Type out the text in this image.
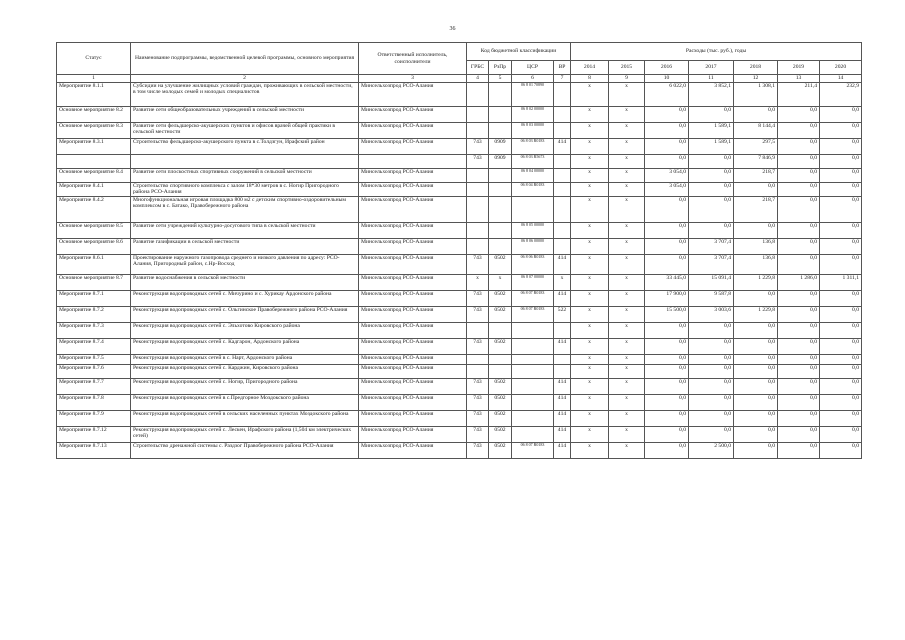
36
Статус	Наименование подпрограммы, ведомственной целевой программы, основного мероприятия	Ответственный исполнитель, соисполнители	Код бюджетной классификации				Расходы (тыс. руб.), годы						
			ГРБС	РзПр	ЦСР	ВР	2014	2015	2016	2017	2018	2019	2020
1	2	3	4	5	6	7	8	9	10	11	12	13	14
Мероприятие 8.1.1	Субсидии на улучшение жилищных условий граждан, проживающих в сельской местности, в том числе молодых семей и молодых специалистов	Минсельхозпрод РСО-Алания			06 8 01 70890		х	х	6 022,0	3 852,1	1 308,1	211,4	232,9
Основное мероприятие 8.2	Развитие сети общеобразовательных учреждений в сельской местности	Минсельхозпрод РСО-Алания			06 8 02 00000		х	х	0,0	0,0	0,0	0,0	0,0
Основное мероприятие 8.3	Развитие сети фельдшерско-акушерских пунктов и офисов врачей общей практики в сельской местности	Минсельхозпрод РСО-Алания			06 8 03 00000		х	х	0,0	1 589,1	8 144,4	0,0	0,0
Мероприятие 8.3.1	Строительство фельдшерско-акушерского пункта в с.Толдзгун, Ирафский район	Минсельхозпрод РСО-Алания	743	0909	06 8 03 R0183	414	х	х	0,0	1 589,1	297,5	0,0	0,0
			743	0909	06 8 03 R5673		х	х	0,0	0,0	7 846,9	0,0	0,0
Основное мероприятие 8.4	Развитие сети плоскостных спортивных сооружений в сельской местности	Минсельхозпрод РСО-Алания			06 8 04 00000		х	х	3 054,0	0,0	218,7	0,0	0,0
Мероприятие 8.4.1	Строительство спортивного комплекса с залом 18*30 метров в с. Ногир Пригородного района РСО-Алания	Минсельхозпрод РСО-Алания			06 8 04 R0183		х	х	3 054,0	0,0	0,0	0,0	0,0
Мероприятие 8.4.2	Многофункциональная игровая площадка 800 м2 с детским спортивно-оздоровительным комплексом в с. Батако, Правобережного района	Минсельхозпрод РСО-Алания					х	х	0,0	0,0	218,7	0,0	0,0
Основное мероприятие 8.5	Развитие сети учреждений культурно-досугового типа в сельской местности	Минсельхозпрод РСО-Алания			06 8 05 00000		х	х	0,0	0,0	0,0	0,0	0,0
Основное мероприятие 8.6	Развитие газификации в сельской местности	Минсельхозпрод РСО-Алания			06 8 06 00000		х	х	0,0	3 707,4	136,8	0,0	0,0
Мероприятие 8.6.1	Проектирование наружного газопровода среднего и низкого давления по адресу: РСО-Алания, Пригородный район, с.Нр-Восход	Минсельхозпрод РСО-Алания	743	0502	06 8 06 R0183	414	х	х	0,0	3 707,4	136,8	0,0	0,0
Основное мероприятие 8.7	Развитие водоснабжения в сельской местности	Минсельхозпрод РСО-Алания	х	х	06 8 07 00000	х	х	х	33 445,0	15 091,4	1 229,8	1 286,0	1 311,1
Мероприятие 8.7.1	Реконструкция водопроводных сетей с. Мичурино и с. Хурикау Ардонского района	Минсельхозпрод РСО-Алания	743	0502	06 8 07 R0183	414	х	х	17 900,0	9 587,8	0,0	0,0	0,0
Мероприятие 8.7.2	Реконструкция водопроводных сетей с. Ольгинское Правобережного района РСО-Алания	Минсельхозпрод РСО-Алания	743	0502	06 8 07 R0183	522	х	х	15 500,0	3 003,6	1 229,8	0,0	0,0
Мероприятие 8.7.3	Реконструкция водопроводных сетей с. Эльхотово Кировского района	Минсельхозпрод РСО-Алания					х	х	0,0	0,0	0,0	0,0	0,0
Мероприятие 8.7.4	Реконструкция водопроводных сетей с. Кадгарон, Ардонского района	Минсельхозпрод РСО-Алания	743	0502		414	х	х	0,0	0,0	0,0	0,0	0,0
Мероприятие 8.7.5	Реконструкция водопроводных сетей в с. Нарт, Ардонского района	Минсельхозпрод РСО-Алания					х	х	0,0	0,0	0,0	0,0	0,0
Мероприятие 8.7.6	Реконструкция водопроводных сетей с. Карджин, Кировского района	Минсельхозпрод РСО-Алания					х	х	0,0	0,0	0,0	0,0	0,0
Мероприятие 8.7.7	Реконструкция водопроводных сетей с. Ногир, Пригородного района	Минсельхозпрод РСО-Алания	743	0502		414	х	х	0,0	0,0	0,0	0,0	0,0
Мероприятие 8.7.8	Реконструкция водопроводных сетей в с.Предгорное Моздокского района	Минсельхозпрод РСО-Алания	743	0502		414	х	х	0,0	0,0	0,0	0,0	0,0
Мероприятие 8.7.9	Реконструкция водопроводных сетей в сельских населенных пунктах Моздокского района	Минсельхозпрод РСО-Алания	743	0502		414	х	х	0,0	0,0	0,0	0,0	0,0
Мероприятие 8.7.12	Реконструкция водопроводных сетей с. Лескен, Ирафского района (1,504 км электрических сетей)	Минсельхозпрод РСО-Алания	743	0502		414	х	х	0,0	0,0	0,0	0,0	0,0
Мероприятие 8.7.13	Строительство дренажной системы с. Раздзог Правобережного района РСО-Алания	Минсельхозпрод РСО-Алания	743	0502	06 8 07 R0183	414	х	х	0,0	2 500,0	0,0	0,0	0,0
